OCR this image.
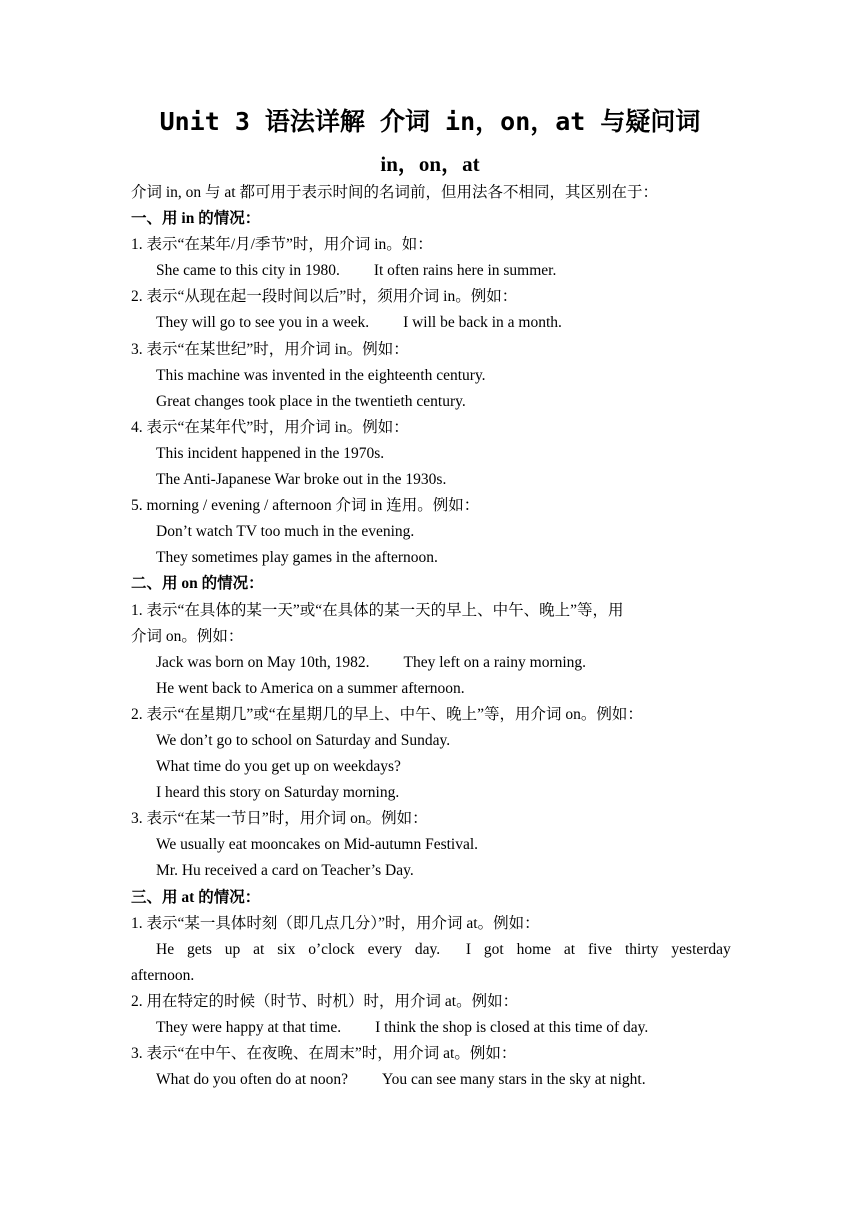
Unit 3 语法详解 介词 in，on，at 与疑问词
in，on，at
介词 in, on 与 at 都可用于表示时间的名词前，但用法各不相同，其区别在于：
一、用 in 的情况：
1. 表示“在某年/月/季节”时，用介词 in。如：
She came to this city in 1980. It often rains here in summer.
2. 表示“从现在起一段时间以后”时，须用介词 in。例如：
They will go to see you in a week. I will be back in a month.
3. 表示“在某世纪”时，用介词 in。例如：
This machine was invented in the eighteenth century.
Great changes took place in the twentieth century.
4. 表示“在某年代”时，用介词 in。例如：
This incident happened in the 1970s.
The Anti-Japanese War broke out in the 1930s.
5. morning / evening / afternoon 介词 in 连用。例如：
Don’t watch TV too much in the evening.
They sometimes play games in the afternoon.
二、用 on 的情况：
1. 表示“在具体的某一天”或“在具体的某一天的早上、中午、晚上”等，用
介词 on。例如：
Jack was born on May 10th, 1982. They left on a rainy morning.
He went back to America on a summer afternoon.
2. 表示“在星期几”或“在星期几的早上、中午、晚上”等，用介词 on。例如：
We don’t go to school on Saturday and Sunday.
What time do you get up on weekdays?
I heard this story on Saturday morning.
3. 表示“在某一节日”时，用介词 on。例如：
We usually eat mooncakes on Mid-autumn Festival.
Mr. Hu received a card on Teacher’s Day.
三、用 at 的情况：
1. 表示“某一具体时刻（即几点几分）”时，用介词 at。例如：
He gets up at six o’clock every day. I got home at five thirty yesterday
afternoon.
2. 用在特定的时候（时节、时机）时，用介词 at。例如：
They were happy at that time. I think the shop is closed at this time of day.
3. 表示“在中午、在夜晚、在周末”时，用介词 at。例如：
What do you often do at noon? You can see many stars in the sky at night.
